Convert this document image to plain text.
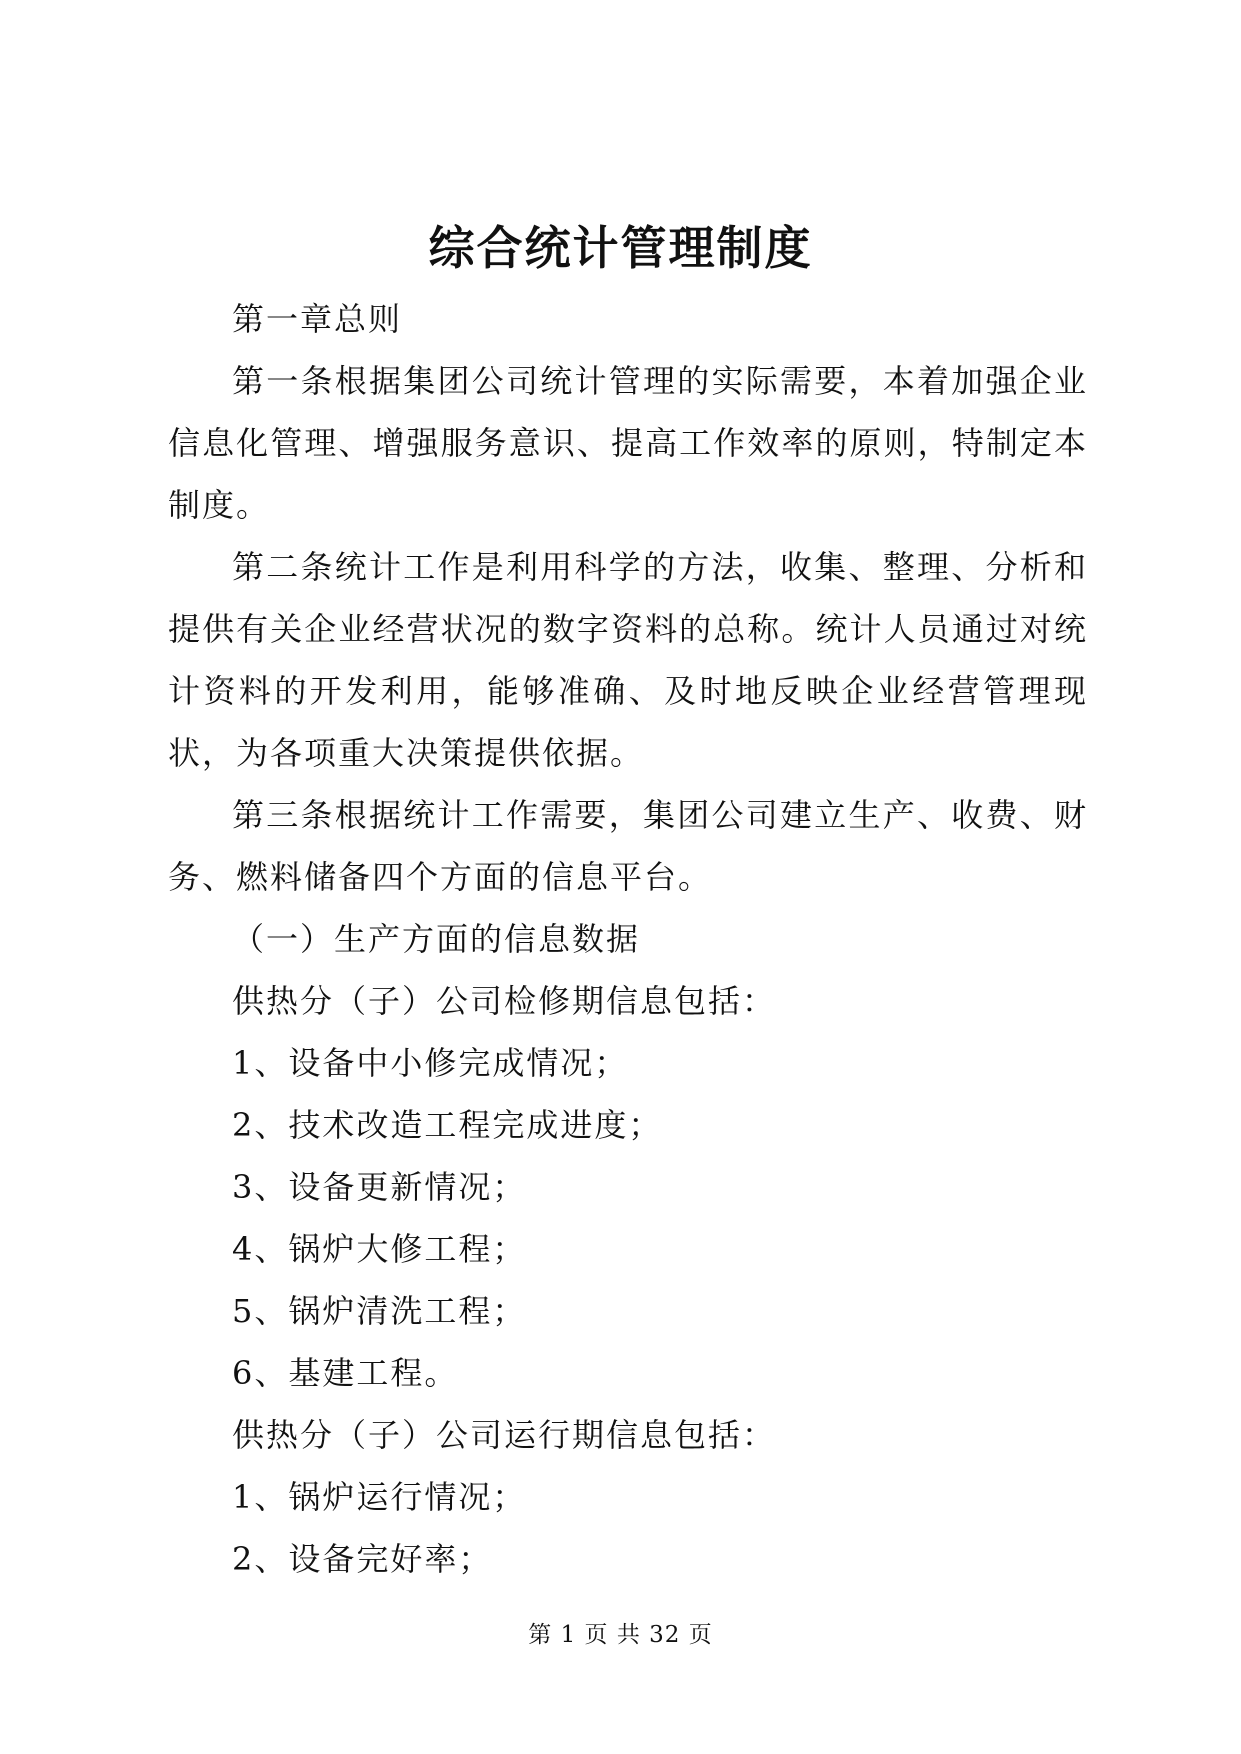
综合统计管理制度
第一章总则

第一条根据集团公司统计管理的实际需要，本着加强企业信息化管理、增强服务意识、提高工作效率的原则，特制定本制度。

第二条统计工作是利用科学的方法，收集、整理、分析和提供有关企业经营状况的数字资料的总称。统计人员通过对统计资料的开发利用，能够准确、及时地反映企业经营管理现状，为各项重大决策提供依据。

第三条根据统计工作需要，集团公司建立生产、收费、财务、燃料储备四个方面的信息平台。

（一）生产方面的信息数据
供热分（子）公司检修期信息包括：
1、设备中小修完成情况；
2、技术改造工程完成进度；
3、设备更新情况；
4、锅炉大修工程；
5、锅炉清洗工程；
6、基建工程。
供热分（子）公司运行期信息包括：
1、锅炉运行情况；
2、设备完好率；
第 1 页 共 32 页
